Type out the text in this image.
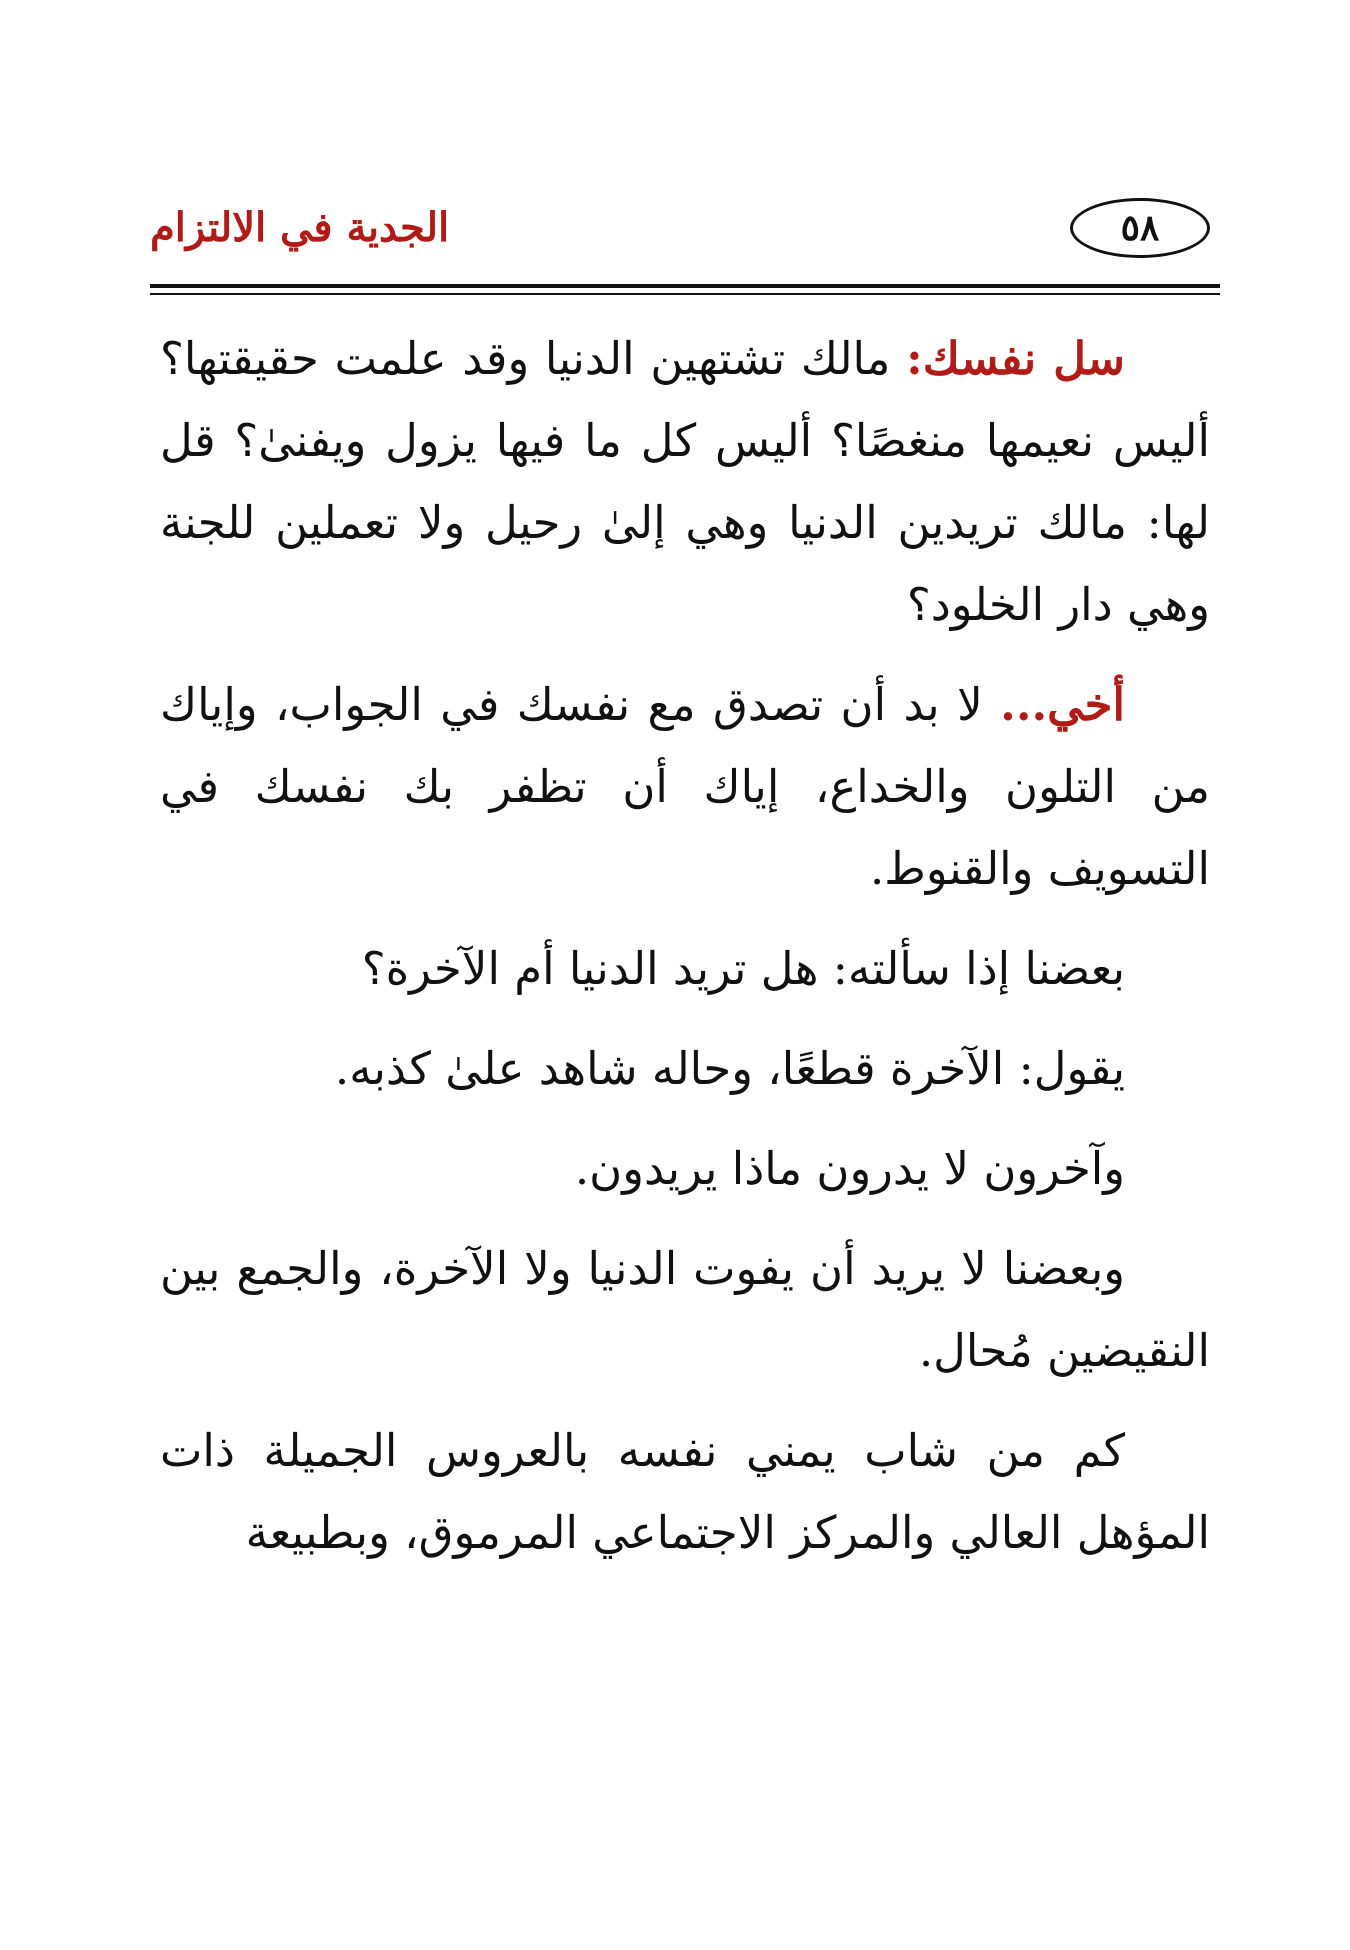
٥٨
الجدية في الالتزام

سل نفسك: مالك تشتهين الدنيا وقد علمت حقيقتها؟ أليس نعيمها منغصًا؟ أليس كل ما فيها يزول ويفنىٰ؟ قل لها: مالك تريدين الدنيا وهي إلىٰ رحيل ولا تعملين للجنة وهي دار الخلود؟

أخي... لا بد أن تصدق مع نفسك في الجواب، وإياك من التلون والخداع، إياك أن تظفر بك نفسك في التسويف والقنوط.

بعضنا إذا سألته: هل تريد الدنيا أم الآخرة؟

يقول: الآخرة قطعًا، وحاله شاهد علىٰ كذبه.

وآخرون لا يدرون ماذا يريدون.

وبعضنا لا يريد أن يفوت الدنيا ولا الآخرة، والجمع بين النقيضين مُحال.

كم من شاب يمني نفسه بالعروس الجميلة ذات المؤهل العالي والمركز الاجتماعي المرموق، وبطبيعة
